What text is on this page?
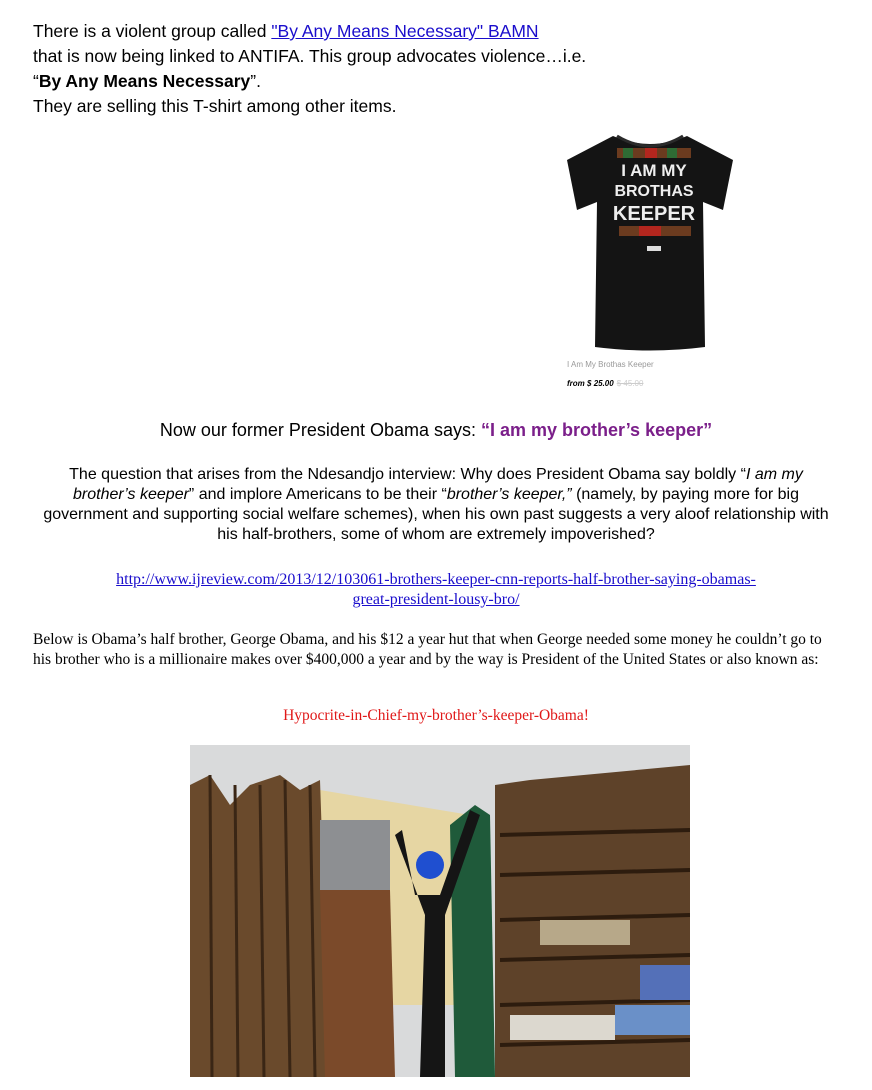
There is a violent group called "By Any Means Necessary" BAMN
that is now being linked to ANTIFA. This group advocates violence…i.e.
“By Any Means Necessary”.
They are selling this T-shirt among other items.
I AM MY
BROTHAS
KEEPER
I Am My Brothas Keeper
from $ 25.00 $ 45.00
Now our former President Obama says: “I am my brother’s keeper”
The question that arises from the Ndesandjo interview: Why does President Obama say boldly “I am my brother’s keeper” and implore Americans to be their “brother’s keeper,” (namely, by paying more for big government and supporting social welfare schemes), when his own past suggests a very aloof relationship with his half-brothers, some of whom are extremely impoverished?
http://www.ijreview.com/2013/12/103061-brothers-keeper-cnn-reports-half-brother-saying-obamas-
great-president-lousy-bro/
Below is Obama’s half brother, George Obama, and his $12 a year hut that when George needed some money he couldn’t go to his brother who is a millionaire makes over $400,000 a year and by the way is President of the United States or also known as:
Hypocrite-in-Chief-my-brother’s-keeper-Obama!
